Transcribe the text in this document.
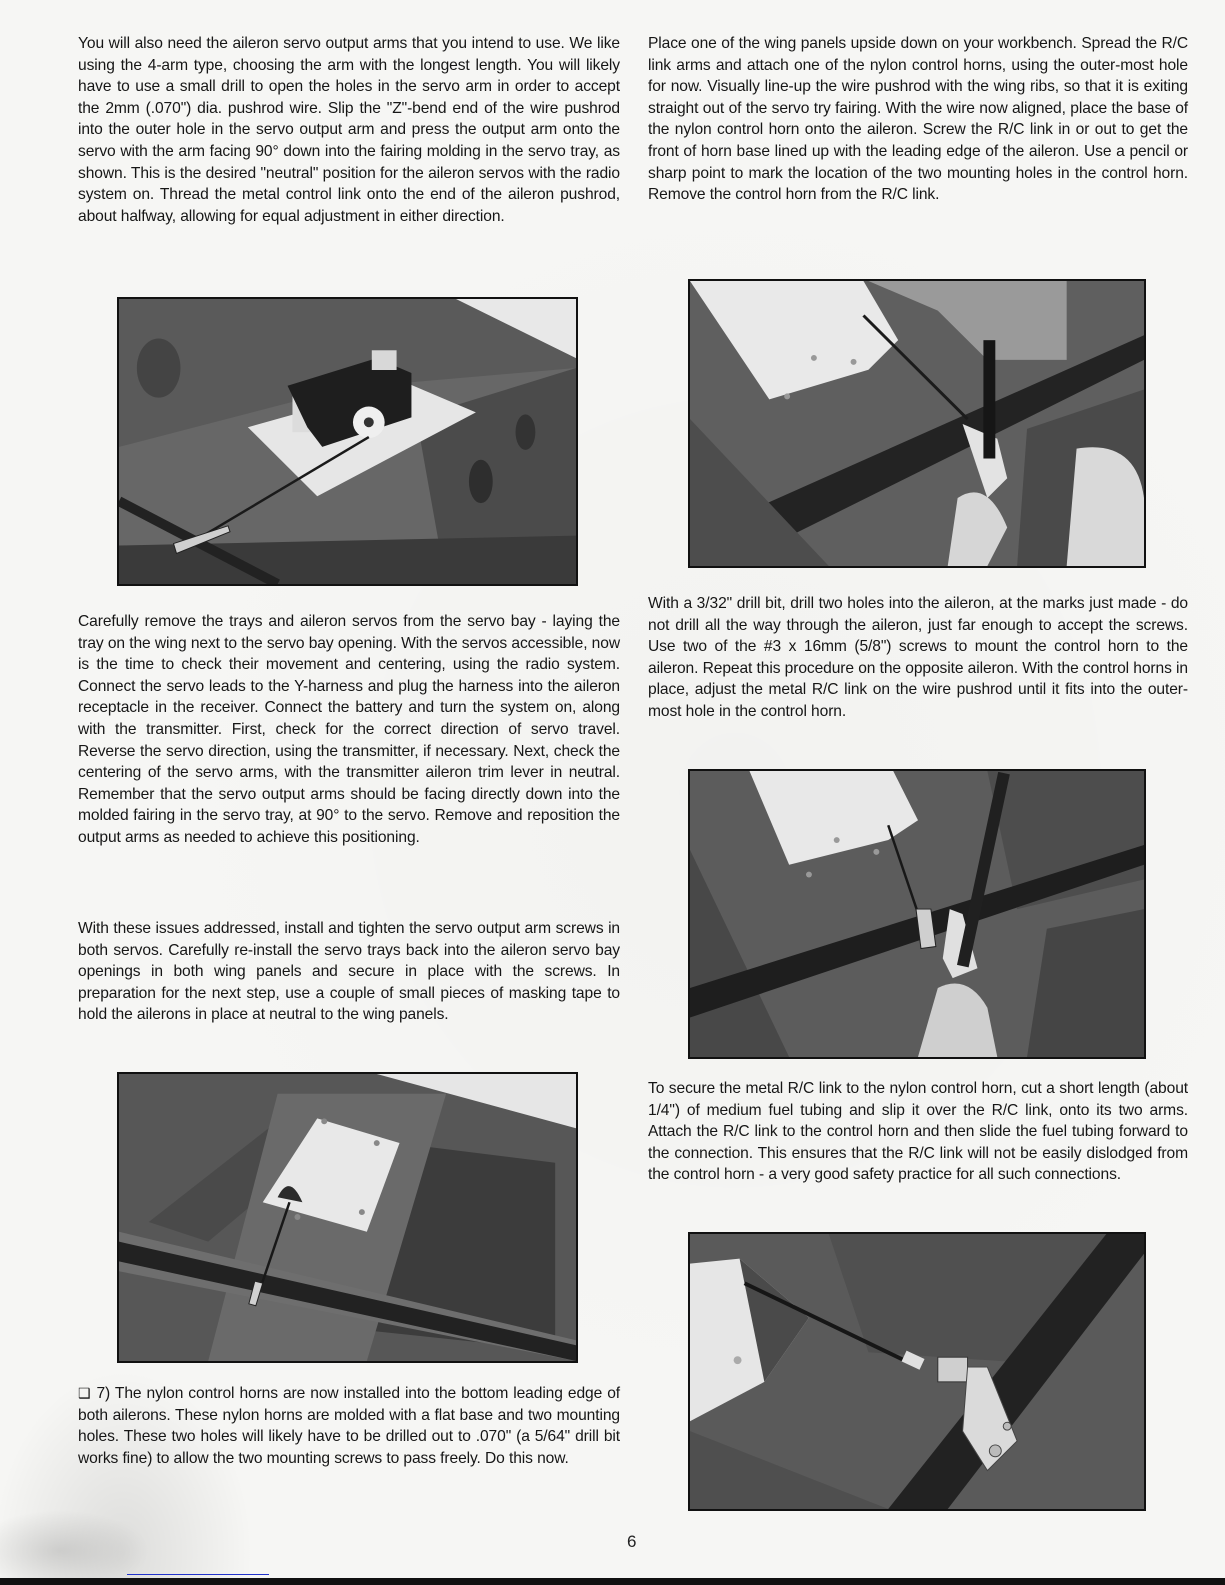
You will also need the aileron servo output arms that you intend to use. We like using the 4-arm type, choosing the arm with the longest length. You will likely have to use a small drill to open the holes in the servo arm in order to accept the 2mm (.070") dia. pushrod wire. Slip the "Z"-bend end of the wire pushrod into the outer hole in the servo output arm and press the output arm onto the servo with the arm facing 90° down into the fairing molding in the servo tray, as shown. This is the desired "neutral" position for the aileron servos with the radio system on. Thread the metal control link onto the end of the aileron pushrod, about halfway, allowing for equal adjustment in either direction.

Carefully remove the trays and aileron servos from the servo bay - laying the tray on the wing next to the servo bay opening. With the servos accessible, now is the time to check their movement and centering, using the radio system. Connect the servo leads to the Y-harness and plug the harness into the aileron receptacle in the receiver. Connect the battery and turn the system on, along with the transmitter. First, check for the correct direction of servo travel. Reverse the servo direction, using the transmitter, if necessary. Next, check the centering of the servo arms, with the transmitter aileron trim lever in neutral. Remember that the servo output arms should be facing directly down into the molded fairing in the servo tray, at 90° to the servo. Remove and reposition the output arms as needed to achieve this positioning.

With these issues addressed, install and tighten the servo output arm screws in both servos. Carefully re-install the servo trays back into the aileron servo bay openings in both wing panels and secure in place with the screws. In preparation for the next step, use a couple of small pieces of masking tape to hold the ailerons in place at neutral to the wing panels.

❑ 7) The nylon control horns are now installed into the bottom leading edge of both ailerons. These nylon horns are molded with a flat base and two mounting holes. These two holes will likely have to be drilled out to .070" (a 5/64" drill bit works fine) to allow the two mounting screws to pass freely. Do this now.

Place one of the wing panels upside down on your workbench. Spread the R/C link arms and attach one of the nylon control horns, using the outer-most hole for now. Visually line-up the wire pushrod with the wing ribs, so that it is exiting straight out of the servo try fairing. With the wire now aligned, place the base of the nylon control horn onto the aileron. Screw the R/C link in or out to get the front of horn base lined up with the leading edge of the aileron. Use a pencil or sharp point to mark the location of the two mounting holes in the control horn. Remove the control horn from the R/C link.

With a 3/32" drill bit, drill two holes into the aileron, at the marks just made - do not drill all the way through the aileron, just far enough to accept the screws. Use two of the #3 x 16mm (5/8") screws to mount the control horn to the aileron. Repeat this procedure on the opposite aileron. With the control horns in place, adjust the metal R/C link on the wire pushrod until it fits into the outer-most hole in the control horn.

To secure the metal R/C link to the nylon control horn, cut a short length (about 1/4") of medium fuel tubing and slip it over the R/C link, onto its two arms. Attach the R/C link to the control horn and then slide the fuel tubing forward to the connection. This ensures that the R/C link will not be easily dislodged from the control horn - a very good safety practice for all such connections.

6
